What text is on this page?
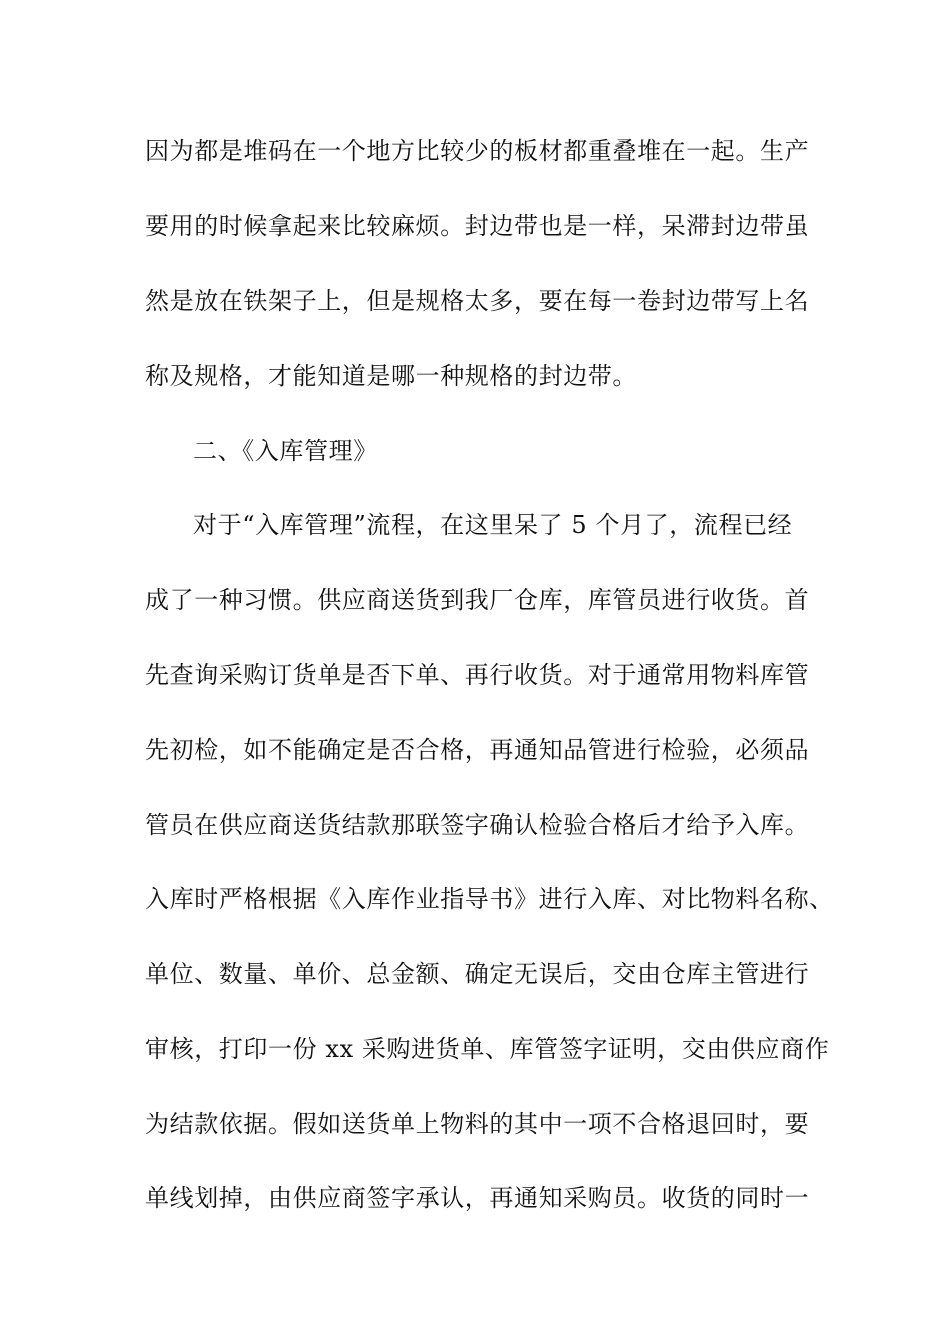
因为都是堆码在一个地方比较少的板材都重叠堆在一起。生产

要用的时候拿起来比较麻烦。封边带也是一样，呆滞封边带虽

然是放在铁架子上，但是规格太多，要在每一卷封边带写上名

称及规格，才能知道是哪一种规格的封边带。

二、《入库管理》

对于“入库管理”流程，在这里呆了 5 个月了，流程已经

成了一种习惯。供应商送货到我厂仓库，库管员进行收货。首

先查询采购订货单是否下单、再行收货。对于通常用物料库管

先初检，如不能确定是否合格，再通知品管进行检验，必须品

管员在供应商送货结款那联签字确认检验合格后才给予入库。

入库时严格根据《入库作业指导书》进行入库、对比物料名称、

单位、数量、单价、总金额、确定无误后，交由仓库主管进行

审核，打印一份 xx 采购进货单、库管签字证明，交由供应商作

为结款依据。假如送货单上物料的其中一项不合格退回时，要

单线划掉，由供应商签字承认，再通知采购员。收货的同时一
